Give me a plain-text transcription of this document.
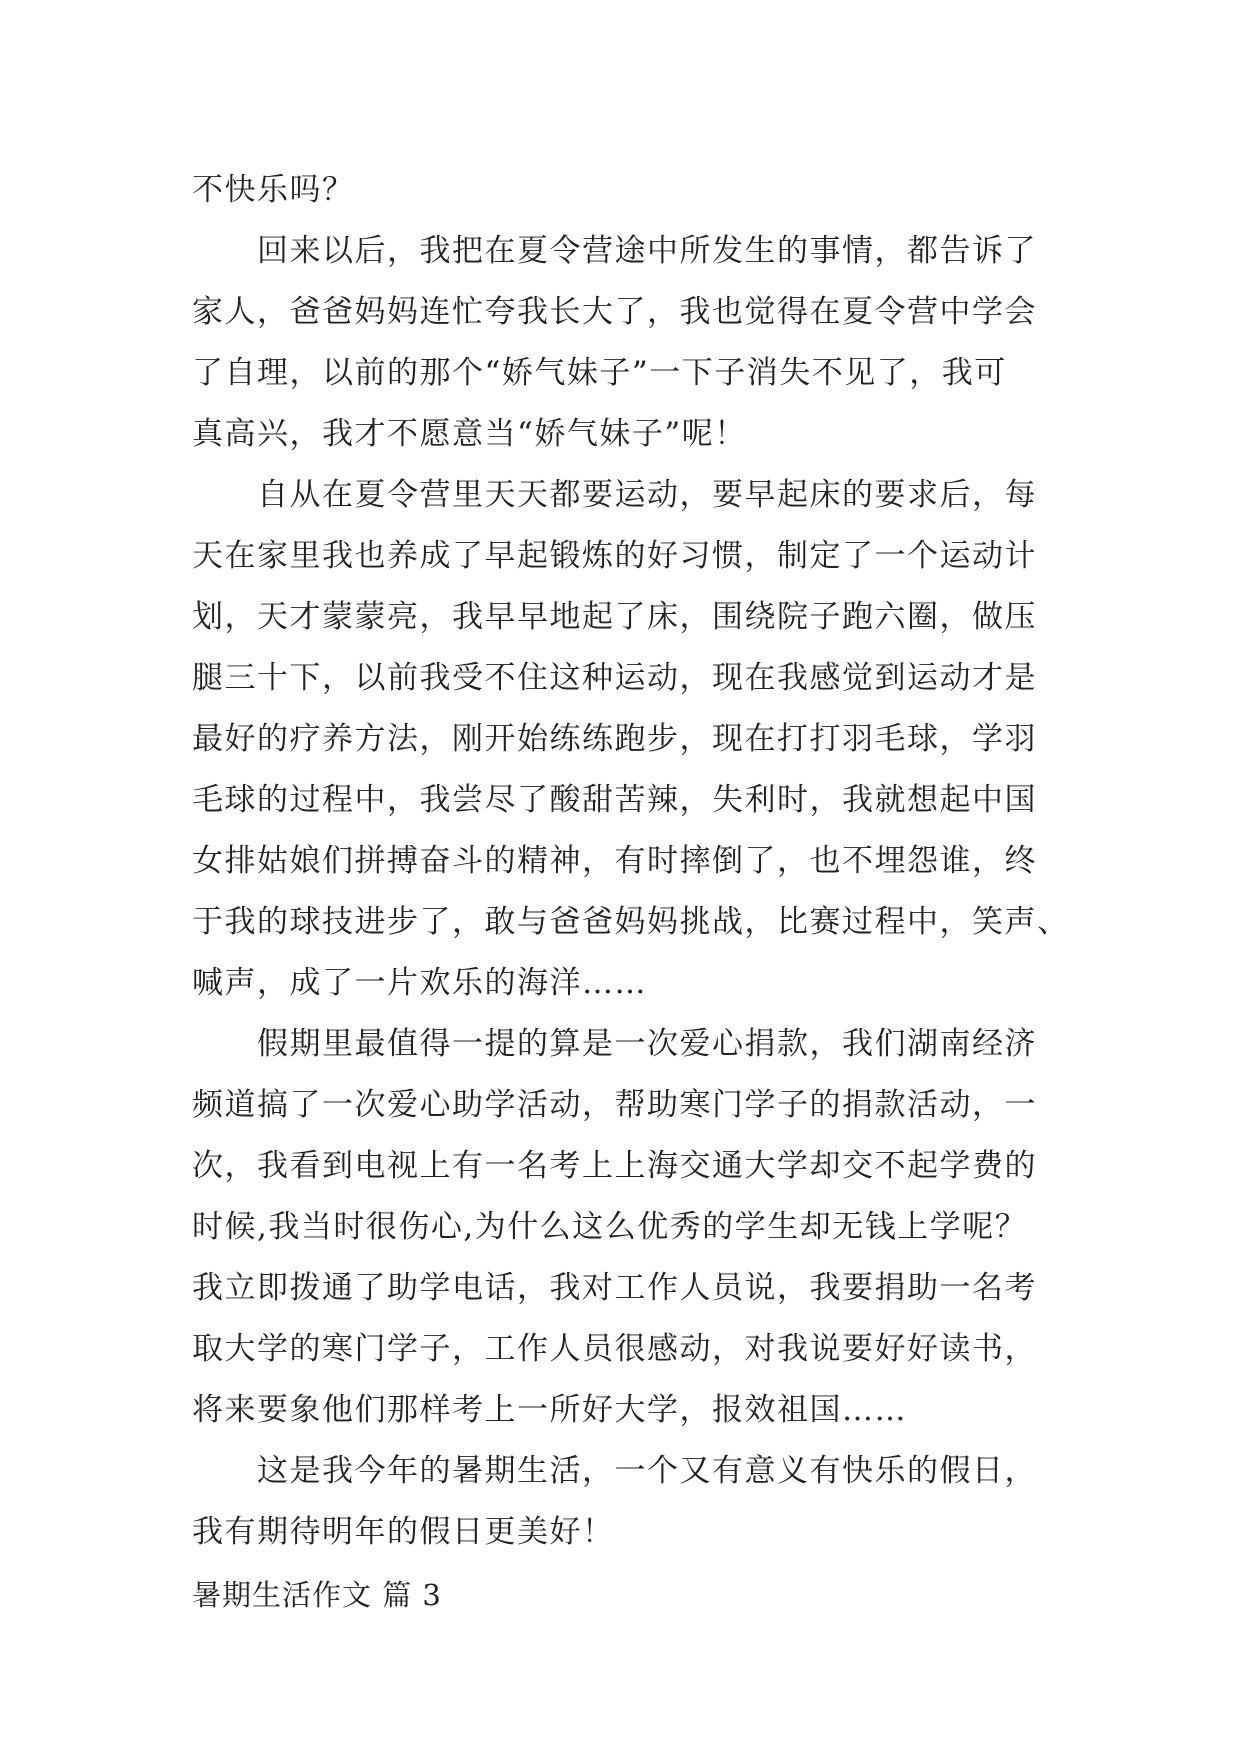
不快乐吗？
　　回来以后，我把在夏令营途中所发生的事情，都告诉了
家人，爸爸妈妈连忙夸我长大了，我也觉得在夏令营中学会
了自理，以前的那个“娇气妹子”一下子消失不见了，我可
真高兴，我才不愿意当“娇气妹子”呢！
　　自从在夏令营里天天都要运动，要早起床的要求后，每
天在家里我也养成了早起锻炼的好习惯，制定了一个运动计
划，天才蒙蒙亮，我早早地起了床，围绕院子跑六圈，做压
腿三十下，以前我受不住这种运动，现在我感觉到运动才是
最好的疗养方法，刚开始练练跑步，现在打打羽毛球，学羽
毛球的过程中，我尝尽了酸甜苦辣，失利时，我就想起中国
女排姑娘们拼搏奋斗的精神，有时摔倒了，也不埋怨谁，终
于我的球技进步了，敢与爸爸妈妈挑战，比赛过程中，笑声、
喊声，成了一片欢乐的海洋……
　　假期里最值得一提的算是一次爱心捐款，我们湖南经济
频道搞了一次爱心助学活动，帮助寒门学子的捐款活动，一
次，我看到电视上有一名考上上海交通大学却交不起学费的
时候,我当时很伤心,为什么这么优秀的学生却无钱上学呢？
我立即拨通了助学电话，我对工作人员说，我要捐助一名考
取大学的寒门学子，工作人员很感动，对我说要好好读书，
将来要象他们那样考上一所好大学，报效祖国……
　　这是我今年的暑期生活，一个又有意义有快乐的假日，
我有期待明年的假日更美好！
暑期生活作文 篇 3
